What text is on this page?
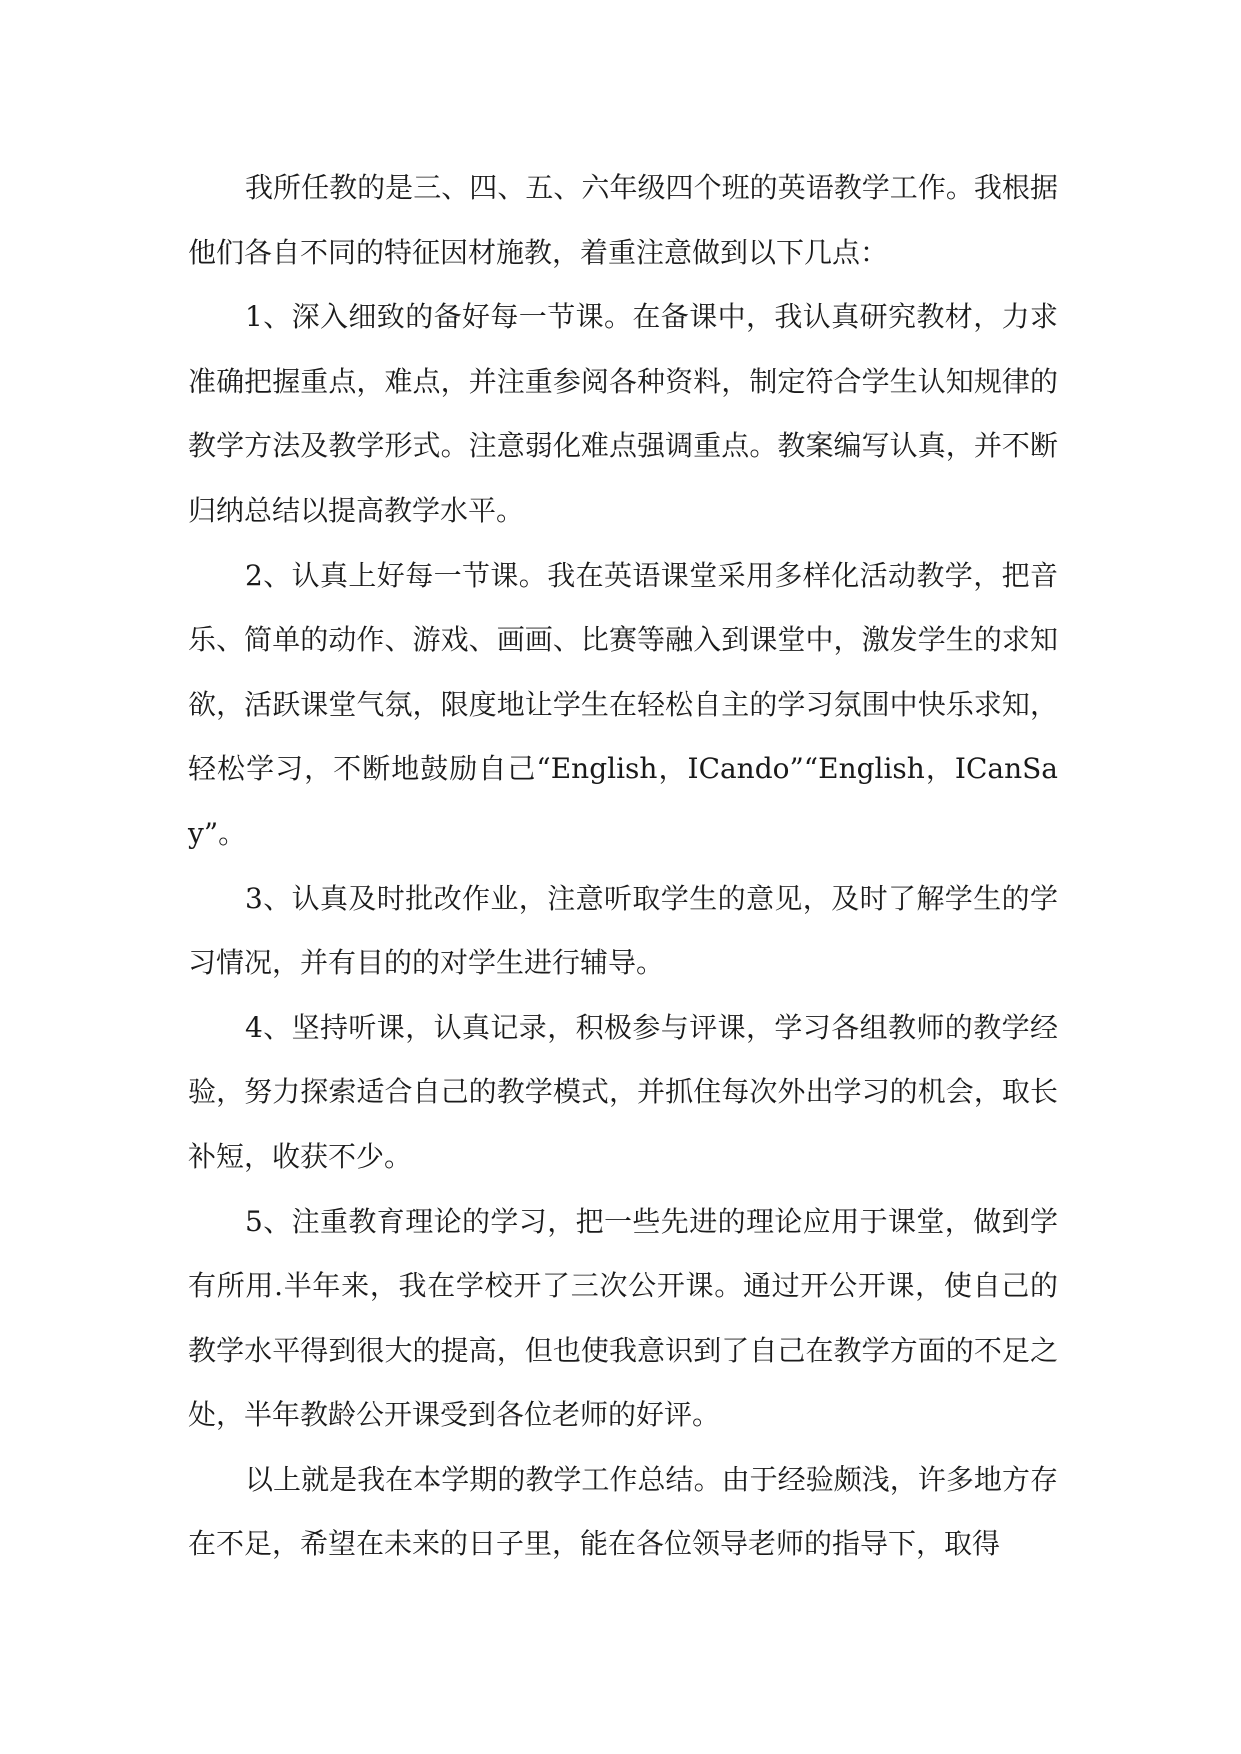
我所任教的是三、四、五、六年级四个班的英语教学工作。我根据他们各自不同的特征因材施教，着重注意做到以下几点：

1、深入细致的备好每一节课。在备课中，我认真研究教材，力求准确把握重点，难点，并注重参阅各种资料，制定符合学生认知规律的教学方法及教学形式。注意弱化难点强调重点。教案编写认真，并不断归纳总结以提高教学水平。

2、认真上好每一节课。我在英语课堂采用多样化活动教学，把音乐、简单的动作、游戏、画画、比赛等融入到课堂中，激发学生的求知欲，活跃课堂气氛，限度地让学生在轻松自主的学习氛围中快乐求知，轻松学习，不断地鼓励自己“English，ICando”“English，ICanSay”。

3、认真及时批改作业，注意听取学生的意见，及时了解学生的学习情况，并有目的的对学生进行辅导。

4、坚持听课，认真记录，积极参与评课，学习各组教师的教学经验，努力探索适合自己的教学模式，并抓住每次外出学习的机会，取长补短，收获不少。

5、注重教育理论的学习，把一些先进的理论应用于课堂，做到学有所用.半年来，我在学校开了三次公开课。通过开公开课，使自己的教学水平得到很大的提高，但也使我意识到了自己在教学方面的不足之处，半年教龄公开课受到各位老师的好评。

以上就是我在本学期的教学工作总结。由于经验颇浅，许多地方存在不足，希望在未来的日子里，能在各位领导老师的指导下，取得
